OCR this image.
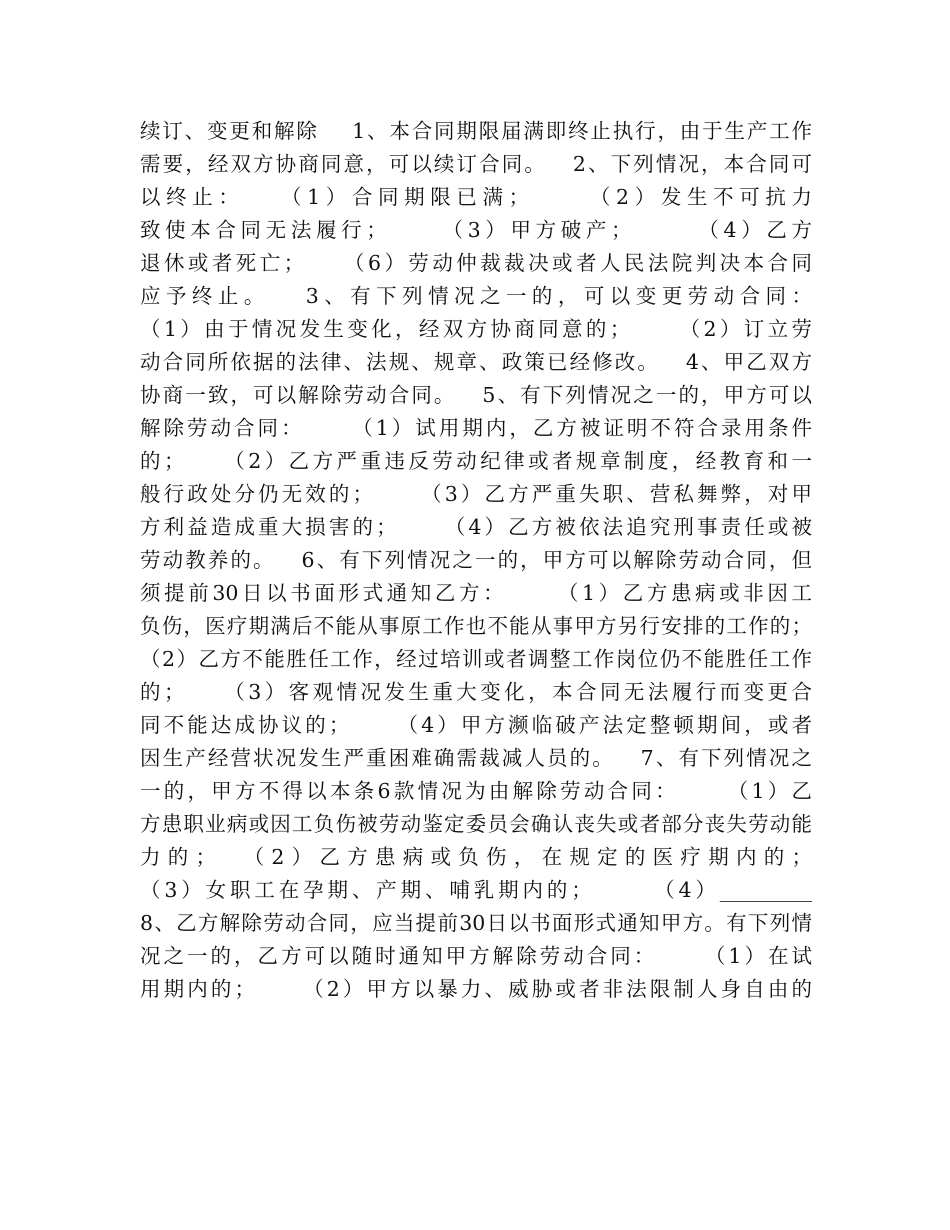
续订、变更和解除    1、本合同期限届满即终止执行，由于生产工作
需要，经双方协商同意，可以续订合同。   2、下列情况，本合同可
以终止：   （1）合同期限已满；     （2）发生不可抗力
致使本合同无法履行；     （3）甲方破产；      （4）乙方
退休或者死亡；    （6）劳动仲裁裁决或者人民法院判决本合同
应予终止。   3、有下列情况之一的，可以变更劳动合同：
（1）由于情况发生变化，经双方协商同意的；     （2）订立劳
动合同所依据的法律、法规、规章、政策已经修改。   4、甲乙双方
协商一致，可以解除劳动合同。   5、有下列情况之一的，甲方可以
解除劳动合同：     （1）试用期内，乙方被证明不符合录用条件
的；    （2）乙方严重违反劳动纪律或者规章制度，经教育和一
般行政处分仍无效的；     （3）乙方严重失职、营私舞弊，对甲
方利益造成重大损害的；     （4）乙方被依法追究刑事责任或被
劳动教养的。   6、有下列情况之一的，甲方可以解除劳动合同，但
须提前30日以书面形式通知乙方：     （1）乙方患病或非因工
负伤，医疗期满后不能从事原工作也不能从事甲方另行安排的工作的；
（2）乙方不能胜任工作，经过培训或者调整工作岗位仍不能胜任工作
的；    （3）客观情况发生重大变化，本合同无法履行而变更合
同不能达成协议的；     （4）甲方濒临破产法定整顿期间，或者
因生产经营状况发生严重困难确需裁减人员的。   7、有下列情况之
一的，甲方不得以本条6款情况为由解除劳动合同：     （1）乙
方患职业病或因工负伤被劳动鉴定委员会确认丧失或者部分丧失劳动能
力的；  （2）乙方患病或负伤，在规定的医疗期内的；
（3）女职工在孕期、产期、哺乳期内的；      （4）_________
8、乙方解除劳动合同，应当提前30日以书面形式通知甲方。有下列情
况之一的，乙方可以随时通知甲方解除劳动合同：     （1）在试
用期内的；     （2）甲方以暴力、威胁或者非法限制人身自由的
